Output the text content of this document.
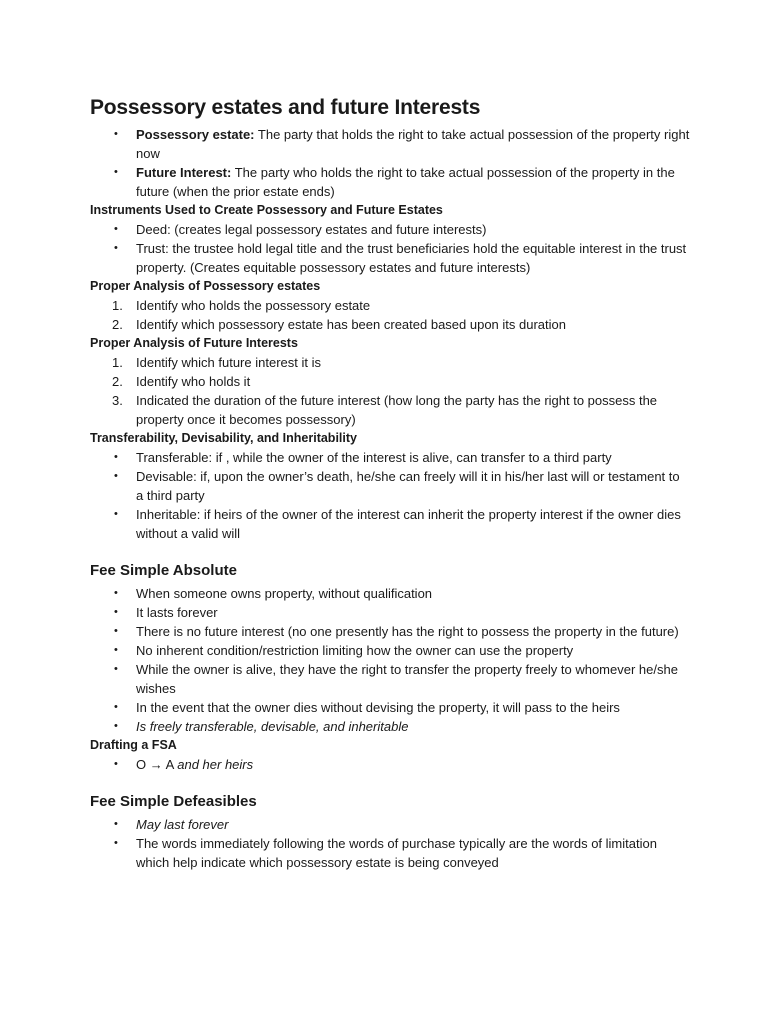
Possessory estates and future Interests
•	Possessory estate: The party that holds the right to take actual possession of the property right now
•	Future Interest: The party who holds the right to take actual possession of the property in the future (when the prior estate ends)
Instruments Used to Create Possessory and Future Estates
•	Deed: (creates legal possessory estates and future interests)
•	Trust: the trustee hold legal title and the trust beneficiaries hold the equitable interest in the trust property. (Creates equitable possessory estates and future interests)
Proper Analysis of Possessory estates
1.	Identify who holds the possessory estate
2.	Identify which possessory estate has been created based upon its duration
Proper Analysis of Future Interests
1.	Identify which future interest it is
2.	Identify who holds it
3.	Indicated the duration of the future interest (how long the party has the right to possess the property once it becomes possessory)
Transferability, Devisability, and Inheritability
•	Transferable: if , while the owner of the interest is alive, can transfer to a third party
•	Devisable: if, upon the owner’s death, he/she can freely will it in his/her last will or testament to a third party
•	Inheritable: if heirs of the owner of the interest can inherit the property interest if the owner dies without a valid will
Fee Simple Absolute
•	When someone owns property, without qualification
•	It lasts forever
•	There is no future interest (no one presently has the right to possess the property in the future)
•	No inherent condition/restriction limiting how the owner can use the property
•	While the owner is alive, they have the right to transfer the property freely to whomever he/she wishes
•	In the event that the owner dies without devising the property, it will pass to the heirs
•	Is freely transferable, devisable, and inheritable
Drafting a FSA
•	O → A and her heirs
Fee Simple Defeasibles
•	May last forever
•	The words immediately following the words of purchase typically are the words of limitation which help indicate which possessory estate is being conveyed
